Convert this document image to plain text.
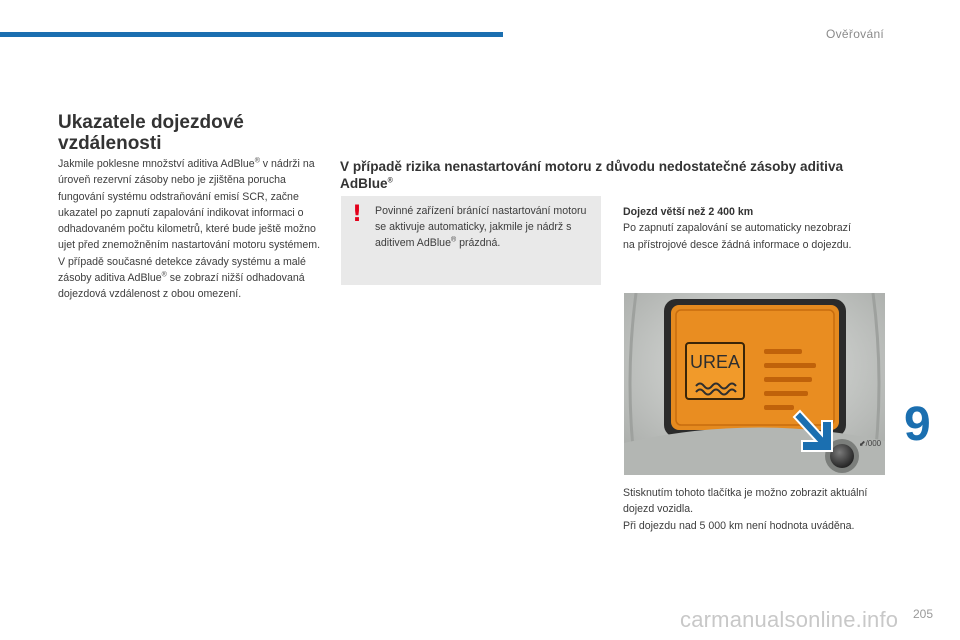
Ověřování
Ukazatele dojezdové vzdálenosti

Jakmile poklesne množství aditiva AdBlue® v nádrži na úroveň rezervní zásoby nebo je zjištěna porucha fungování systému odstraňování emisí SCR, začne ukazatel po zapnutí zapalování indikovat informaci o odhadovaném počtu kilometrů, které bude ještě možno ujet před znemožněním nastartování motoru systémem.

V případě současné detekce závady systému a malé zásoby aditiva AdBlue® se zobrazí nižší odhadovaná dojezdová vzdálenost z obou omezení.

V případě rizika nenastartování motoru z důvodu nedostatečné zásoby aditiva AdBlue®
! Povinné zařízení bránící nastartování motoru se aktivuje automaticky, jakmile je nádrž s aditivem AdBlue® prázdná.
Dojezd větší než 2 400 km
Po zapnutí zapalování se automaticky nezobrazí na přístrojové desce žádná informace o dojezdu.
UREA
⬋/000 9

Stisknutím tohoto tlačítka je možno zobrazit aktuální dojezd vozidla.

Při dojezdu nad 5 000 km není hodnota uváděna.

carmanualsonline.info 205
